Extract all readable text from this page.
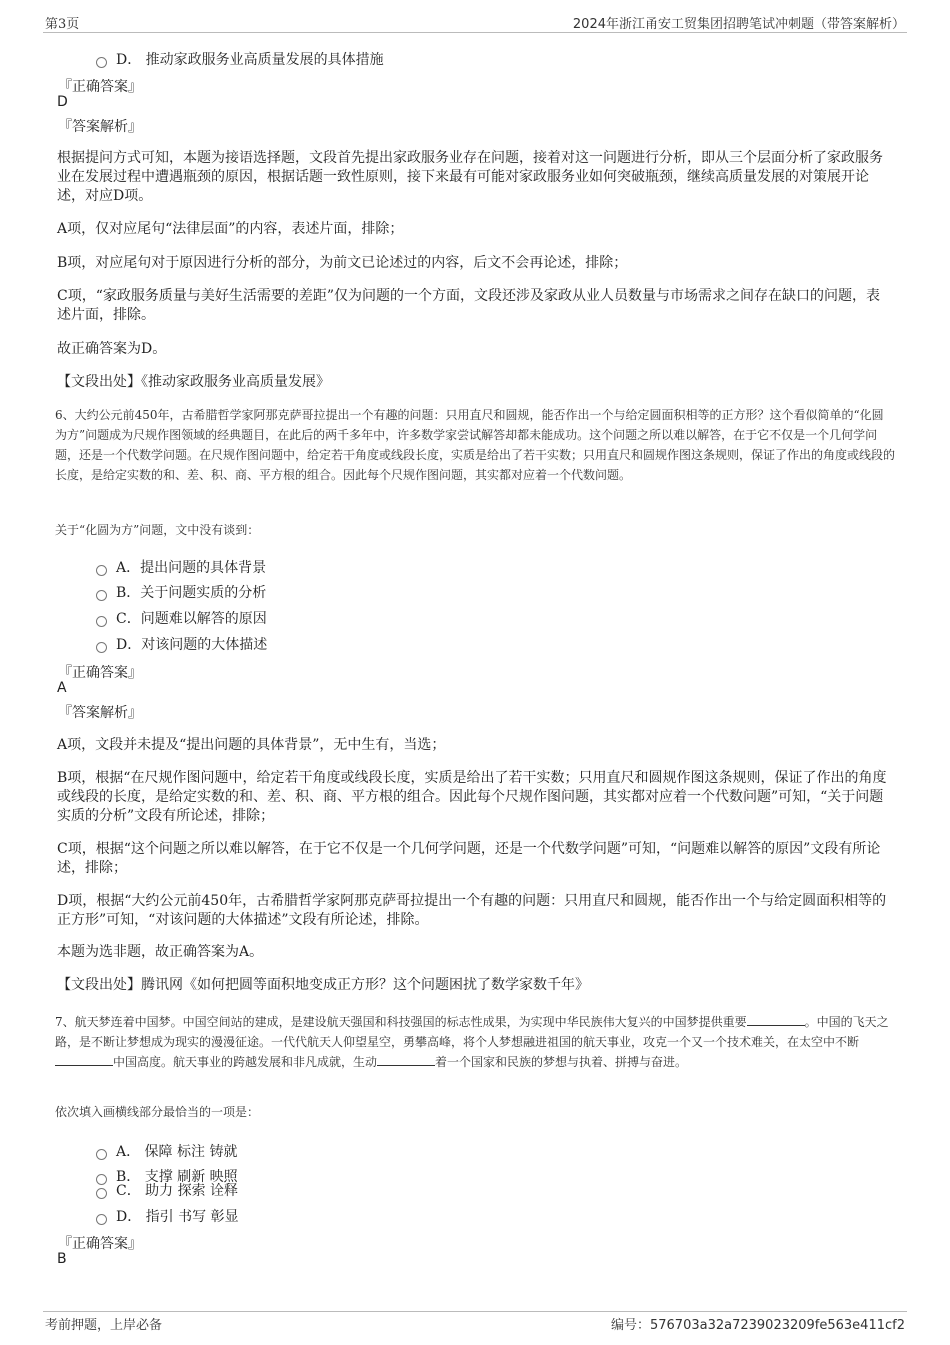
第3页	2024年浙江甬安工贸集团招聘笔试冲刺题（带答案解析）
D． 推动家政服务业高质量发展的具体措施
『正确答案』
D
『答案解析』
根据提问方式可知，本题为接语选择题，文段首先提出家政服务业存在问题，接着对这一问题进行分析，即从三个层面分析了家政服务业在发展过程中遭遇瓶颈的原因，根据话题一致性原则，接下来最有可能对家政服务业如何突破瓶颈，继续高质量发展的对策展开论述，对应D项。
A项，仅对应尾句“法律层面”的内容，表述片面，排除；
B项，对应尾句对于原因进行分析的部分，为前文已论述过的内容，后文不会再论述，排除；
C项，“家政服务质量与美好生活需要的差距”仅为问题的一个方面，文段还涉及家政从业人员数量与市场需求之间存在缺口的问题，表述片面，排除。
故正确答案为D。
【文段出处】《推动家政服务业高质量发展》
6、大约公元前450年，古希腊哲学家阿那克萨哥拉提出一个有趣的问题：只用直尺和圆规，能否作出一个与给定圆面积相等的正方形？这个看似简单的“化圆为方”问题成为尺规作图领域的经典题目，在此后的两千多年中，许多数学家尝试解答却都未能成功。这个问题之所以难以解答，在于它不仅是一个几何学问题，还是一个代数学问题。在尺规作图问题中，给定若干角度或线段长度，实质是给出了若干实数；只用直尺和圆规作图这条规则，保证了作出的角度或线段的长度，是给定实数的和、差、积、商、平方根的组合。因此每个尺规作图问题，其实都对应着一个代数问题。
关于“化圆为方”问题，文中没有谈到：
A．提出问题的具体背景
B．关于问题实质的分析
C．问题难以解答的原因
D．对该问题的大体描述
『正确答案』
A
『答案解析』
A项，文段并未提及“提出问题的具体背景”，无中生有，当选；
B项，根据“在尺规作图问题中，给定若干角度或线段长度，实质是给出了若干实数；只用直尺和圆规作图这条规则，保证了作出的角度或线段的长度，是给定实数的和、差、积、商、平方根的组合。因此每个尺规作图问题，其实都对应着一个代数问题”可知，“关于问题实质的分析”文段有所论述，排除；
C项，根据“这个问题之所以难以解答，在于它不仅是一个几何学问题，还是一个代数学问题”可知，“问题难以解答的原因”文段有所论述，排除；
D项，根据“大约公元前450年，古希腊哲学家阿那克萨哥拉提出一个有趣的问题：只用直尺和圆规，能否作出一个与给定圆面积相等的正方形”可知，“对该问题的大体描述”文段有所论述，排除。
本题为选非题，故正确答案为A。
【文段出处】腾讯网《如何把圆等面积地变成正方形？这个问题困扰了数学家数千年》
7、航天梦连着中国梦。中国空间站的建成，是建设航天强国和科技强国的标志性成果，为实现中华民族伟大复兴的中国梦提供重要	。中国的飞天之路，是不断让梦想成为现实的漫漫征途。一代代航天人仰望星空，勇攀高峰，将个人梦想融进祖国的航天事业，攻克一个又一个技术难关，在太空中不断中国高度。航天事业的跨越发展和非凡成就，生动	着一个国家和民族的梦想与执着、拼搏与奋进。
依次填入画横线部分最恰当的一项是：
A． 保障 标注 铸就
B． 支撑 刷新 映照
C． 助力 探索 诠释
D． 指引 书写 彰显
『正确答案』
B
考前押题，上岸必备	编号：576703a32a7239023209fe563e411cf2
